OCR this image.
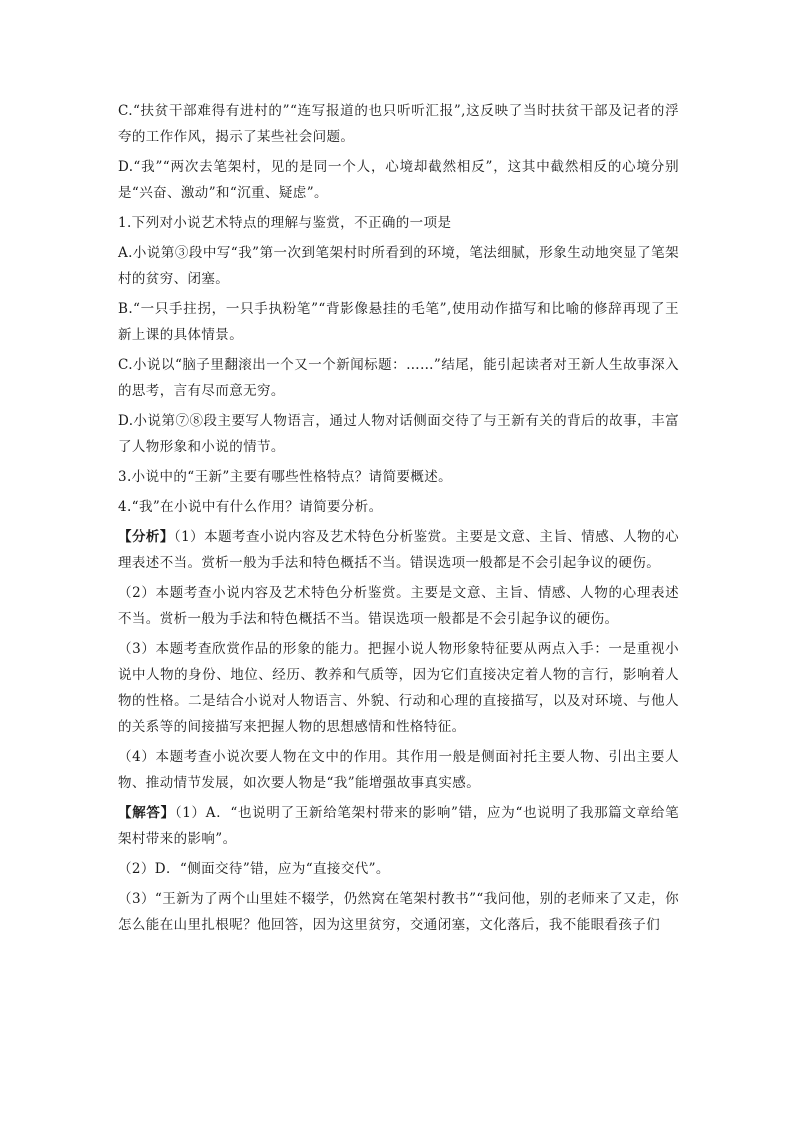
C.“扶贫干部难得有进村的”“连写报道的也只听听汇报”,这反映了当时扶贫干部及记者的浮夸的工作作风，揭示了某些社会问题。

D.“我”“两次去笔架村，见的是同一个人，心境却截然相反”，这其中截然相反的心境分别是“兴奋、激动”和“沉重、疑虑”。

1.下列对小说艺术特点的理解与鉴赏，不正确的一项是

A.小说第③段中写“我”第一次到笔架村时所看到的环境，笔法细腻，形象生动地突显了笔架村的贫穷、闭塞。

B.“一只手拄拐，一只手执粉笔”“背影像悬挂的毛笔”,使用动作描写和比喻的修辞再现了王新上课的具体情景。

C.小说以“脑子里翻滚出一个又一个新闻标题：……”结尾，能引起读者对王新人生故事深入的思考，言有尽而意无穷。

D.小说第⑦⑧段主要写人物语言，通过人物对话侧面交待了与王新有关的背后的故事，丰富了人物形象和小说的情节。

3.小说中的“王新”主要有哪些性格特点？请简要概述。

4.“我”在小说中有什么作用？请简要分析。

【分析】（1）本题考查小说内容及艺术特色分析鉴赏。主要是文意、主旨、情感、人物的心理表述不当。赏析一般为手法和特色概括不当。错误选项一般都是不会引起争议的硬伤。

（2）本题考查小说内容及艺术特色分析鉴赏。主要是文意、主旨、情感、人物的心理表述不当。赏析一般为手法和特色概括不当。错误选项一般都是不会引起争议的硬伤。

（3）本题考查欣赏作品的形象的能力。把握小说人物形象特征要从两点入手：一是重视小说中人物的身份、地位、经历、教养和气质等，因为它们直接决定着人物的言行，影响着人物的性格。二是结合小说对人物语言、外貌、行动和心理的直接描写，以及对环境、与他人的关系等的间接描写来把握人物的思想感情和性格特征。

（4）本题考查小说次要人物在文中的作用。其作用一般是侧面衬托主要人物、引出主要人物、推动情节发展，如次要人物是“我”能增强故事真实感。

【解答】（1）A．“也说明了王新给笔架村带来的影响”错，应为“也说明了我那篇文章给笔架村带来的影响”。

（2）D．“侧面交待”错，应为“直接交代”。

（3）“王新为了两个山里娃不辍学，仍然窝在笔架村教书”“我问他，别的老师来了又走，你怎么能在山里扎根呢？他回答，因为这里贫穷，交通闭塞，文化落后，我不能眼看孩子们
